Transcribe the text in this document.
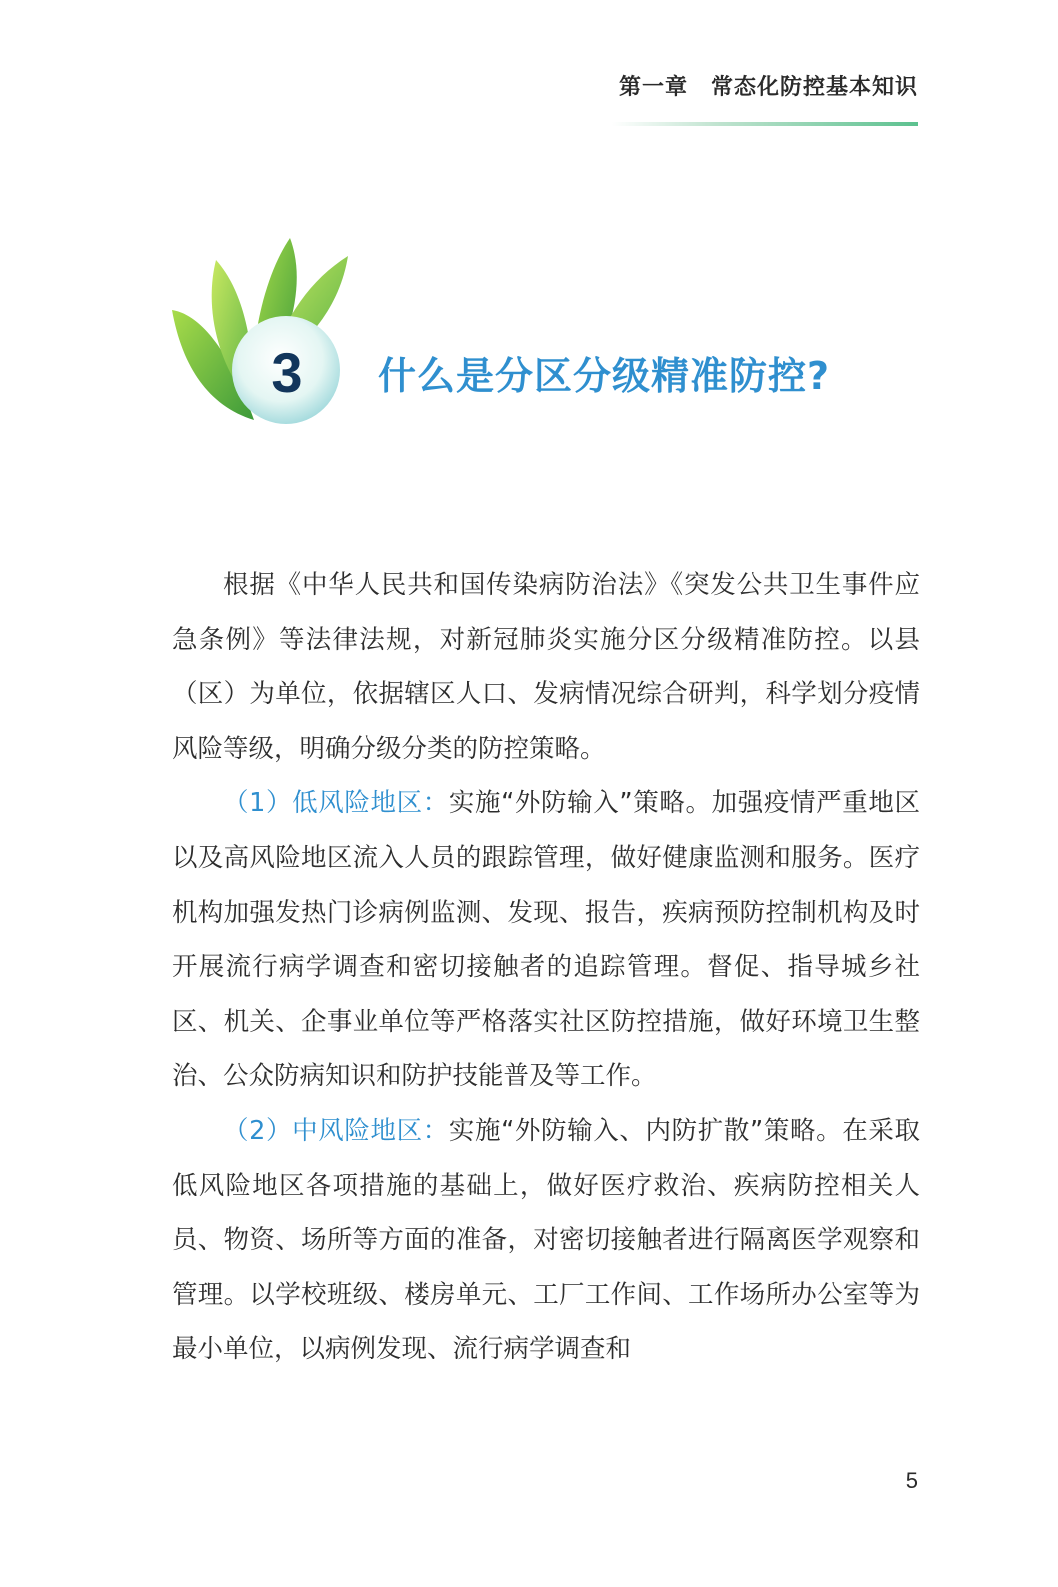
第一章　常态化防控基本知识
3	什么是分区分级精准防控?

根据《中华人民共和国传染病防治法》《突发公共卫生事件应急条例》等法律法规，对新冠肺炎实施分区分级精准防控。以县（区）为单位，依据辖区人口、发病情况综合研判，科学划分疫情风险等级，明确分级分类的防控策略。

（1）低风险地区：实施“外防输入”策略。加强疫情严重地区以及高风险地区流入人员的跟踪管理，做好健康监测和服务。医疗机构加强发热门诊病例监测、发现、报告，疾病预防控制机构及时开展流行病学调查和密切接触者的追踪管理。督促、指导城乡社区、机关、企事业单位等严格落实社区防控措施，做好环境卫生整治、公众防病知识和防护技能普及等工作。

（2）中风险地区：实施“外防输入、内防扩散”策略。在采取低风险地区各项措施的基础上，做好医疗救治、疾病防控相关人员、物资、场所等方面的准备，对密切接触者进行隔离医学观察和管理。以学校班级、楼房单元、工厂工作间、工作场所办公室等为最小单位，以病例发现、流行病学调查和

5
